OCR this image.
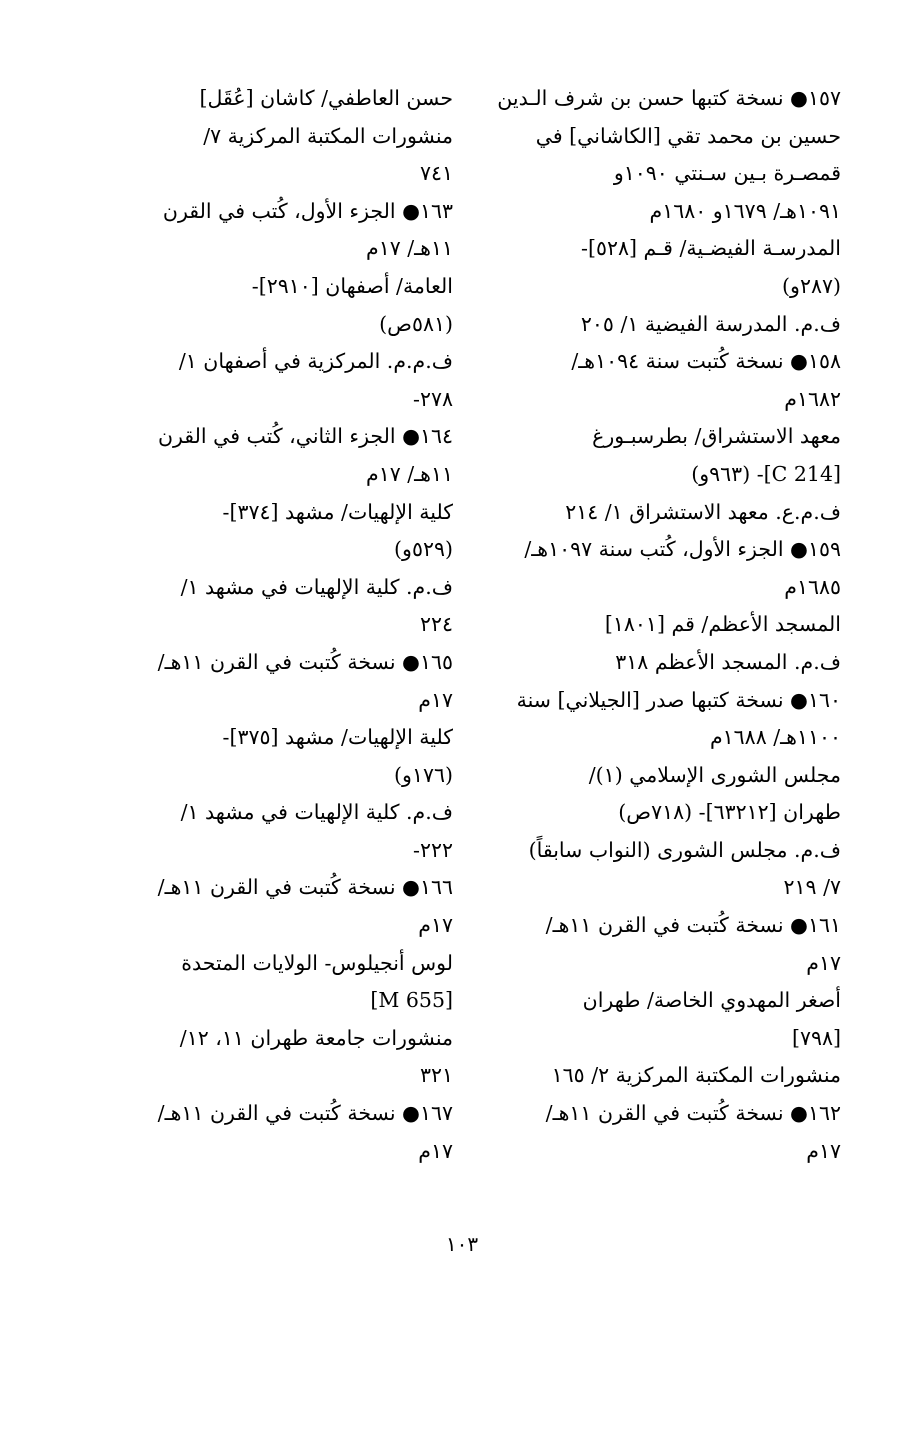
١٥٧● نسخة كتبها حسن بن شرف الـدين
حسين بن محمد تقي [الكاشاني] في
قمصـرة بـين سـنتي ١٠٩٠و
١٠٩١هـ/ ١٦٧٩و ١٦٨٠م
المدرسـة الفيضـية/ قـم [٥٢٨]-
(٢٨٧و)
ف.م. المدرسة الفيضية ١/ ٢٠٥
١٥٨● نسخة كُتبت سنة ١٠٩٤هـ/
١٦٨٢م
معهد الاستشراق/ بطرسبـورغ
[C 214]- (٩٦٣و)
ف.م.ع. معهد الاستشراق ١/ ٢١٤
١٥٩● الجزء الأول، كُتب سنة ١٠٩٧هـ/
١٦٨٥م
المسجد الأعظم/ قم [١٨٠١]
ف.م. المسجد الأعظم ٣١٨
١٦٠● نسخة كتبها صدر [الجيلاني] سنة
١١٠٠هـ/ ١٦٨٨م
مجلس الشورى الإسلامي (١)/
طهران [٦٣٢١٢]- (٧١٨ص)
ف.م. مجلس الشورى (النواب سابقاً)
٧/ ٢١٩
١٦١● نسخة كُتبت في القرن ١١هـ/
١٧م
أصغر المهدوي الخاصة/ طهران
[٧٩٨]
منشورات المكتبة المركزية ٢/ ١٦٥
١٦٢● نسخة كُتبت في القرن ١١هـ/
١٧م
حسن العاطفي/ كاشان [عُقَل]
منشورات المكتبة المركزية ٧/
٧٤١
١٦٣● الجزء الأول، كُتب في القرن
١١هـ/ ١٧م
العامة/ أصفهان [٢٩١٠]-
(٥٨١ص)
ف.م.م. المركزية في أصفهان ١/
٢٧٨-
١٦٤● الجزء الثاني، كُتب في القرن
١١هـ/ ١٧م
كلية الإلهيات/ مشهد [٣٧٤]-
(٥٢٩و)
ف.م. كلية الإلهيات في مشهد ١/
٢٢٤
١٦٥● نسخة كُتبت في القرن ١١هـ/
١٧م
كلية الإلهيات/ مشهد [٣٧٥]-
(١٧٦و)
ف.م. كلية الإلهيات في مشهد ١/
٢٢٢-
١٦٦● نسخة كُتبت في القرن ١١هـ/
١٧م
لوس أنجيلوس- الولايات المتحدة
[M 655]
منشورات جامعة طهران ١١، ١٢/
٣٢١
١٦٧● نسخة كُتبت في القرن ١١هـ/
١٧م
١٠٣
